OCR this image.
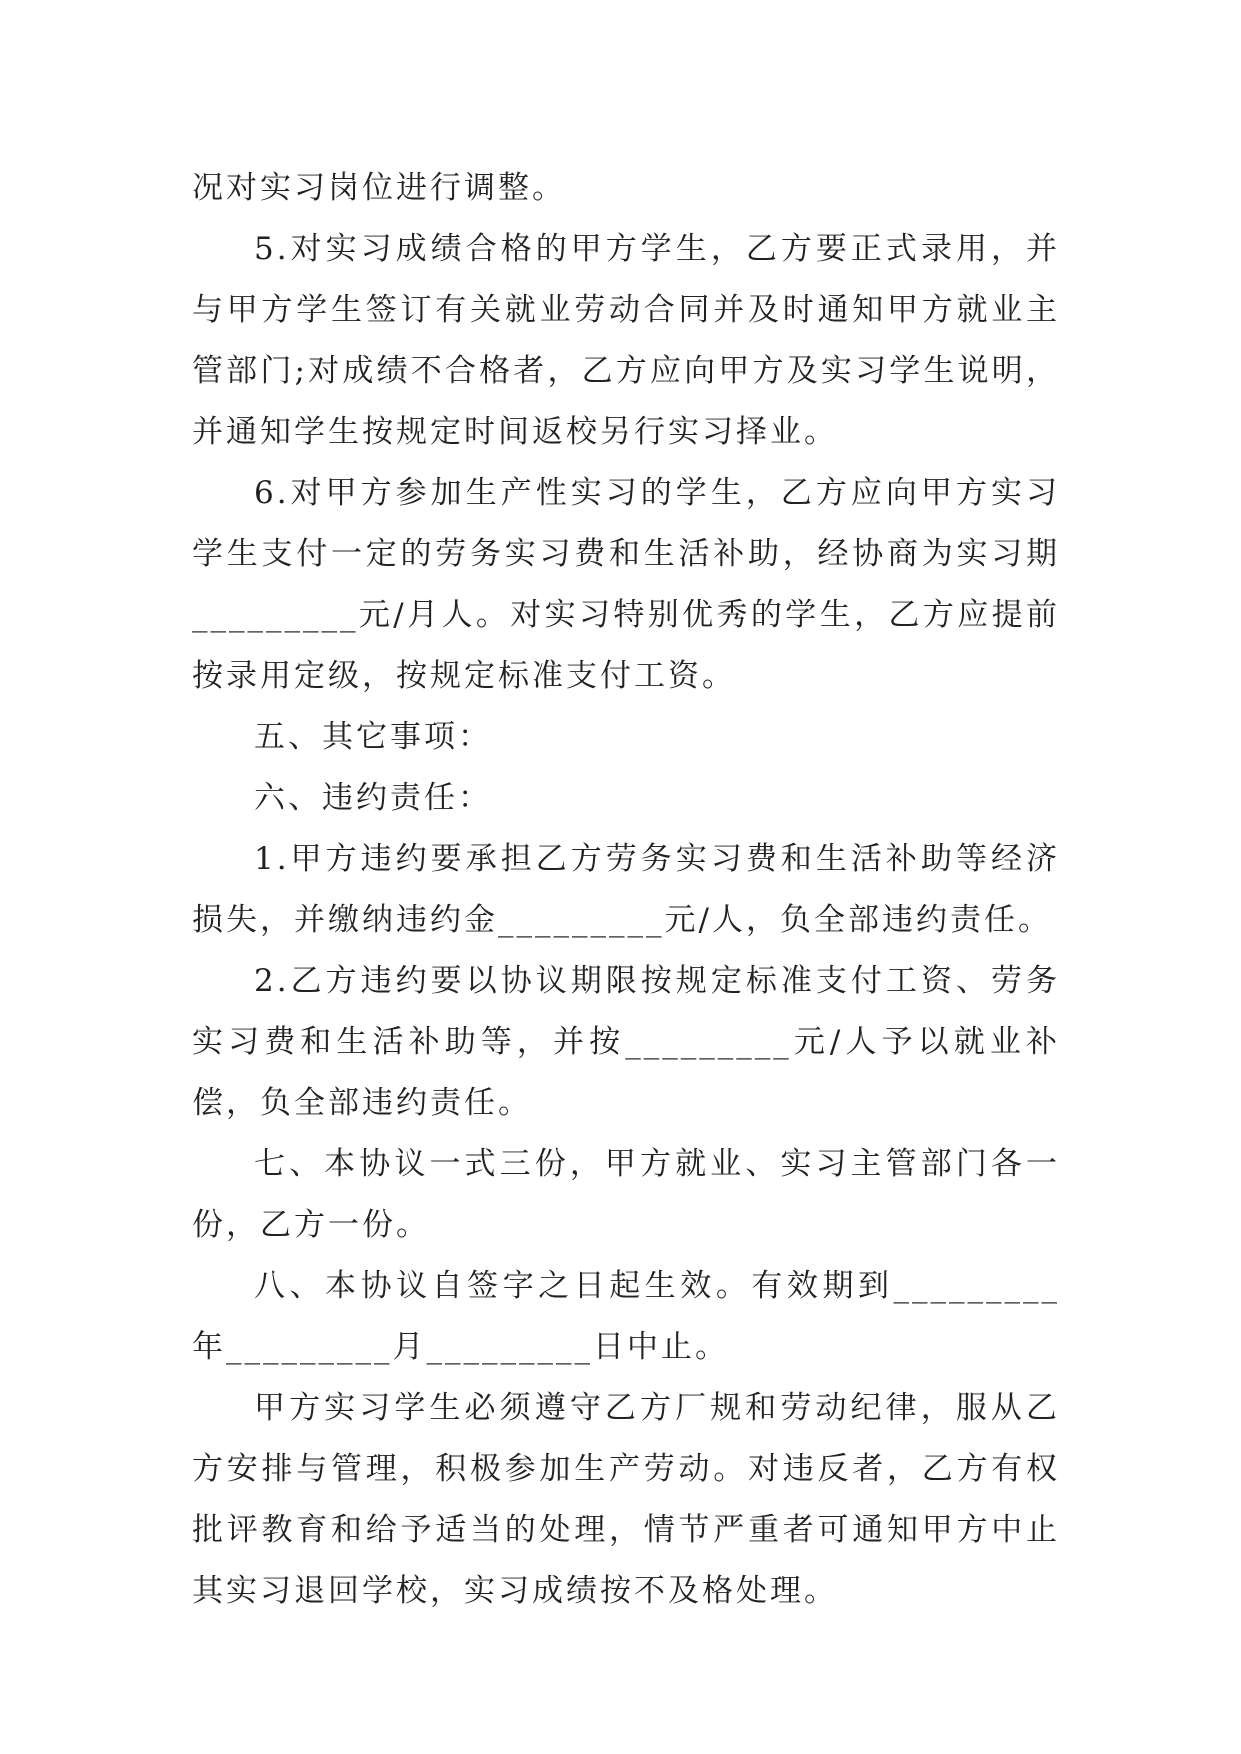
况对实习岗位进行调整。

5.对实习成绩合格的甲方学生，乙方要正式录用，并与甲方学生签订有关就业劳动合同并及时通知甲方就业主管部门;对成绩不合格者，乙方应向甲方及实习学生说明，并通知学生按规定时间返校另行实习择业。

6.对甲方参加生产性实习的学生，乙方应向甲方实习学生支付一定的劳务实习费和生活补助，经协商为实习期_________元/月人。对实习特别优秀的学生，乙方应提前按录用定级，按规定标准支付工资。

五、其它事项：

六、违约责任：

1.甲方违约要承担乙方劳务实习费和生活补助等经济损失，并缴纳违约金_________元/人，负全部违约责任。

2.乙方违约要以协议期限按规定标准支付工资、劳务实习费和生活补助等，并按_________元/人予以就业补偿，负全部违约责任。

七、本协议一式三份，甲方就业、实习主管部门各一份，乙方一份。

八、本协议自签字之日起生效。有效期到_________年_________月_________日中止。

甲方实习学生必须遵守乙方厂规和劳动纪律，服从乙方安排与管理，积极参加生产劳动。对违反者，乙方有权批评教育和给予适当的处理，情节严重者可通知甲方中止其实习退回学校，实习成绩按不及格处理。
